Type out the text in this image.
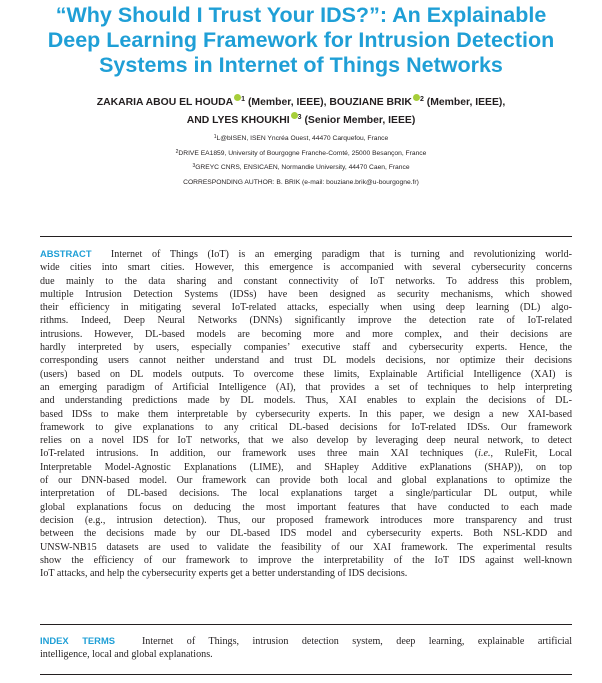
“Why Should I Trust Your IDS?”: An Explainable
Deep Learning Framework for Intrusion Detection
Systems in Internet of Things Networks
ZAKARIA ABOU EL HOUDA $^1$ (Member, IEEE), BOUZIANE BRIK $^2$ (Member, IEEE),
AND LYES KHOUKHI $^3$ (Senior Member, IEEE)
$^1$L@bISEN, ISEN Yncréa Ouest, 44470 Carquefou, France
$^2$DRIVE EA1859, University of Bourgogne Franche-Comté, 25000 Besançon, France
$^3$GREYC CNRS, ENSICAEN, Normandie University, 44470 Caen, France
CORRESPONDING AUTHOR: B. BRIK (e-mail: bouziane.brik@u-bourgogne.fr)
ABSTRACT Internet of Things (IoT) is an emerging paradigm that is turning and revolutionizing world-
wide cities into smart cities. However, this emergence is accompanied with several cybersecurity concerns
due mainly to the data sharing and constant connectivity of IoT networks. To address this problem,
multiple Intrusion Detection Systems (IDSs) have been designed as security mechanisms, which showed
their efficiency in mitigating several IoT-related attacks, especially when using deep learning (DL) algo-
rithms. Indeed, Deep Neural Networks (DNNs) significantly improve the detection rate of IoT-related
intrusions. However, DL-based models are becoming more and more complex, and their decisions are
hardly interpreted by users, especially companies’ executive staff and cybersecurity experts. Hence, the
corresponding users cannot neither understand and trust DL models decisions, nor optimize their decisions
(users) based on DL models outputs. To overcome these limits, Explainable Artificial Intelligence (XAI) is
an emerging paradigm of Artificial Intelligence (AI), that provides a set of techniques to help interpreting
and understanding predictions made by DL models. Thus, XAI enables to explain the decisions of DL-
based IDSs to make them interpretable by cybersecurity experts. In this paper, we design a new XAI-based
framework to give explanations to any critical DL-based decisions for IoT-related IDSs. Our framework
relies on a novel IDS for IoT networks, that we also develop by leveraging deep neural network, to detect
IoT-related intrusions. In addition, our framework uses three main XAI techniques (i.e., RuleFit, Local
Interpretable Model-Agnostic Explanations (LIME), and SHapley Additive exPlanations (SHAP)), on top
of our DNN-based model. Our framework can provide both local and global explanations to optimize the
interpretation of DL-based decisions. The local explanations target a single/particular DL output, while
global explanations focus on deducing the most important features that have conducted to each made
decision (e.g., intrusion detection). Thus, our proposed framework introduces more transparency and trust
between the decisions made by our DL-based IDS model and cybersecurity experts. Both NSL-KDD and
UNSW-NB15 datasets are used to validate the feasibility of our XAI framework. The experimental results
show the efficiency of our framework to improve the interpretability of the IoT IDS against well-known
IoT attacks, and help the cybersecurity experts get a better understanding of IDS decisions.
INDEX TERMS	Internet of Things, intrusion detection system, deep learning, explainable artificial
intelligence, local and global explanations.
